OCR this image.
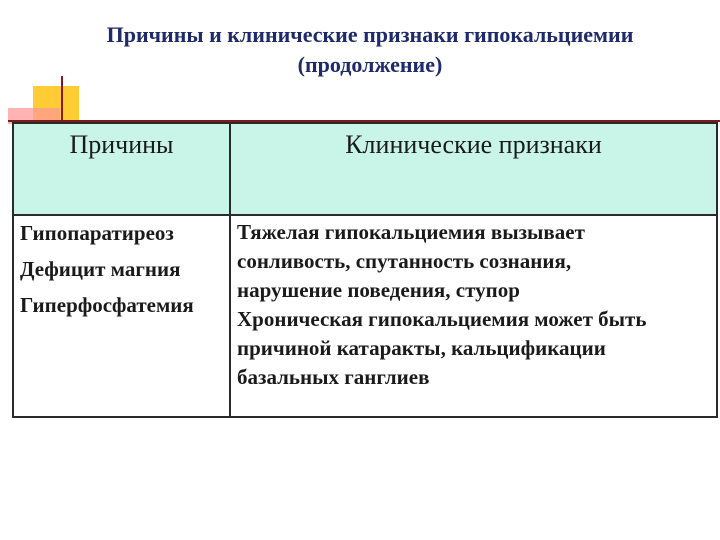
Причины и клинические признаки гипокальциемии
(продолжение)
Причины	Клинические признаки
Гипопаратиреоз
Дефицит магния
Гиперфосфатемия
Тяжелая гипокальциемия вызывает
сонливость, спутанность сознания,
нарушение поведения, ступор
Хроническая гипокальциемия может быть
причиной катаракты, кальцификации
базальных ганглиев
